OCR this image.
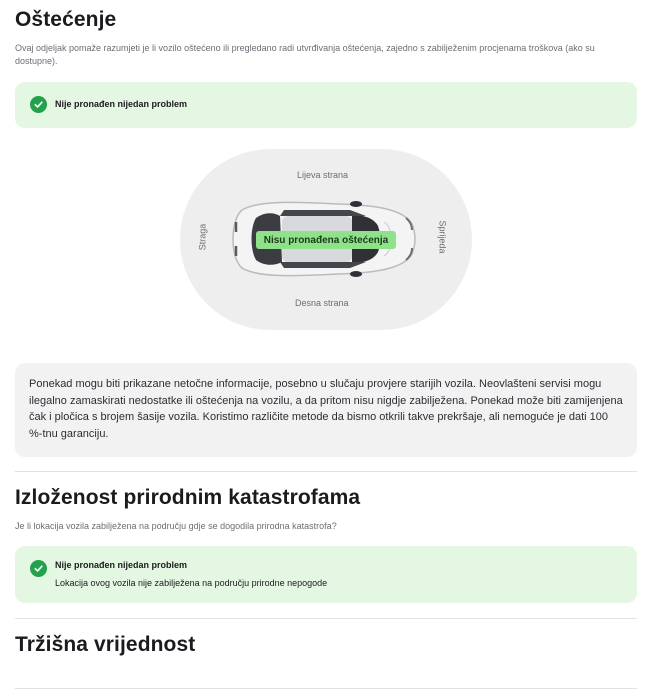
Oštećenje
Ovaj odjeljak pomaže razumjeti je li vozilo oštećeno ili pregledano radi utvrđivanja oštećenja, zajedno s zabilježenim procjenama troškova (ako su dostupne).
Nije pronađen nijedan problem
Lijeva strana
Desna strana
Straga	Sprijeda
Nisu pronađena oštećenja
Ponekad mogu biti prikazane netočne informacije, posebno u slučaju provjere starijih vozila. Neovlašteni servisi mogu ilegalno zamaskirati nedostatke ili oštećenja na vozilu, a da pritom nisu nigdje zabilježena. Ponekad može biti zamijenjena čak i pločica s brojem šasije vozila. Koristimo različite metode da bismo otkrili takve prekršaje, ali nemoguće je dati 100 %-tnu garanciju.
Izloženost prirodnim katastrofama
Je li lokacija vozila zabilježena na području gdje se dogodila prirodna katastrofa?
Nije pronađen nijedan problem
Lokacija ovog vozila nije zabilježena na području prirodne nepogode
Tržišna vrijednost
